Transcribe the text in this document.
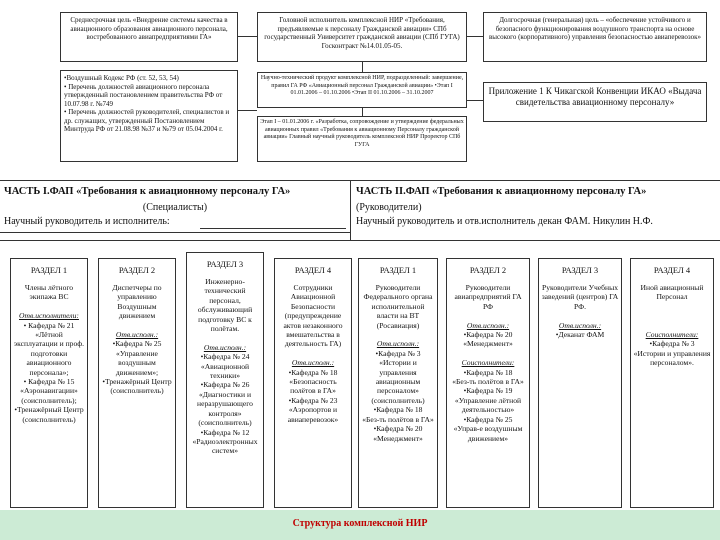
Среднесрочная цель «Внедрение системы качества в авиационного образования авиационного персонала, востребованного авиапредприятиями ГА»
Головной исполнитель комплексной НИР «Требования, предъявляемые к персоналу Гражданской авиации» СПб государственный Университет гражданской авиации (СПб ГУГА) Госконтракт №14.01.05-05.
Долгосрочная (генеральная) цель – «обеспечение устойчивого и безопасного функционирования воздушного транспорта на основе высокого (корпоративного) управления безопасностью авиаперевозок»
•Воздушный Кодекс РФ (ст. 52, 53, 54)
• Перечень должностей авиационного персонала утвержденный постановлением правительства РФ от 10.07.98 г. №749
• Перечень должностей руководителей, специалистов и др. служащих, утвержденный Постановлением Минтруда РФ от 21.08.98 №37 и №79 от 05.04.2004 г.
Научно-технический продукт комплексной НИР, подразделенный: завершение, правил ГА РФ «Авиационный персонал Гражданской авиации» •Этап I 01.01.2006 – 01.10.2006 •Этап II 01.10.2006 – 31.10.2007
Этап I – 01.01.2006 г. «Разработка, сопровождение и утверждение федеральных авиационных правил «Требования к авиационному Персоналу гражданской авиации» Главный научный руководитель комплексной НИР Проректор СПб ГУГА
Приложение 1 К Чикагской Конвенции ИКАО «Выдача свидетельства авиационному персоналу»
ЧАСТЬ I.ФАП «Требования к авиационному персоналу ГА»
(Специалисты)
Научный руководитель и исполнитель:
ЧАСТЬ II.ФАП «Требования к авиационному персоналу ГА»
(Руководители)
Научный руководитель и отв.исполнитель декан ФАМ. Никулин Н.Ф.
РАЗДЕЛ 1
Члены лётного экипажа ВС

Отв.исполнители:
• Кафедра № 21
«Лётной эксплуатации и проф. подготовки авиационного персонала»;
• Кафедра № 15
«Аэронавигации» (соисполнитель);
•Тренажёрный Центр
(соисполнитель)
РАЗДЕЛ 2
Диспетчеры по управлению Воздушным движением

Отв.исполн.:
•Кафедра № 25
«Управление воздушным движением»;
•Тренажёрный Центр
(соисполнитель)
РАЗДЕЛ 3
Инженерно-технический персонал, обслуживающий подготовку ВС к полётам.

Отв.исполн.:
•Кафедра № 24
«Авиационной техники»
•Кафедра № 26
«Диагностики и неразрушающего контроля» (соисполнитель)
•Кафедра № 12
«Радиоэлектронных систем»
РАЗДЕЛ 4
Сотрудники Авиационной Безопасности (предупреждение актов незаконного вмешательства в деятельность ГА)

Отв.исполн.:
•Кафедра № 18
«Безопасность полётов в ГА»
•Кафедра № 23
«Аэропортов и авиаперевозок»
РАЗДЕЛ 1
Руководители Федерального органа исполнительной власти на ВТ (Росавиация)

Отв.исполн.:
•Кафедра № 3
«Истории и управления авиационным персоналом» (соисполнитель)
•Кафедра № 18
«Без-ть полётов в ГА»
•Кафедра № 20
«Менеджмент»
РАЗДЕЛ 2
Руководители авиапредприятий ГА РФ

Отв.исполн.:
•Кафедра № 20
«Менеджмент»

Соисполнители:
•Кафедра № 18
«Без-ть полётов в ГА»
•Кафедра № 19
«Управление лётной деятельностью»
•Кафедра № 25
«Управ-е воздушным движением»
РАЗДЕЛ 3
Руководители Учебных заведений (центров) ГА РФ.

Отв.исполн.:
•Деканат ФАМ
РАЗДЕЛ 4
Иной авиационный Персонал

Соисполнители:
•Кафедра № 3
«Истории и управления персоналом».
Структура комплексной НИР
